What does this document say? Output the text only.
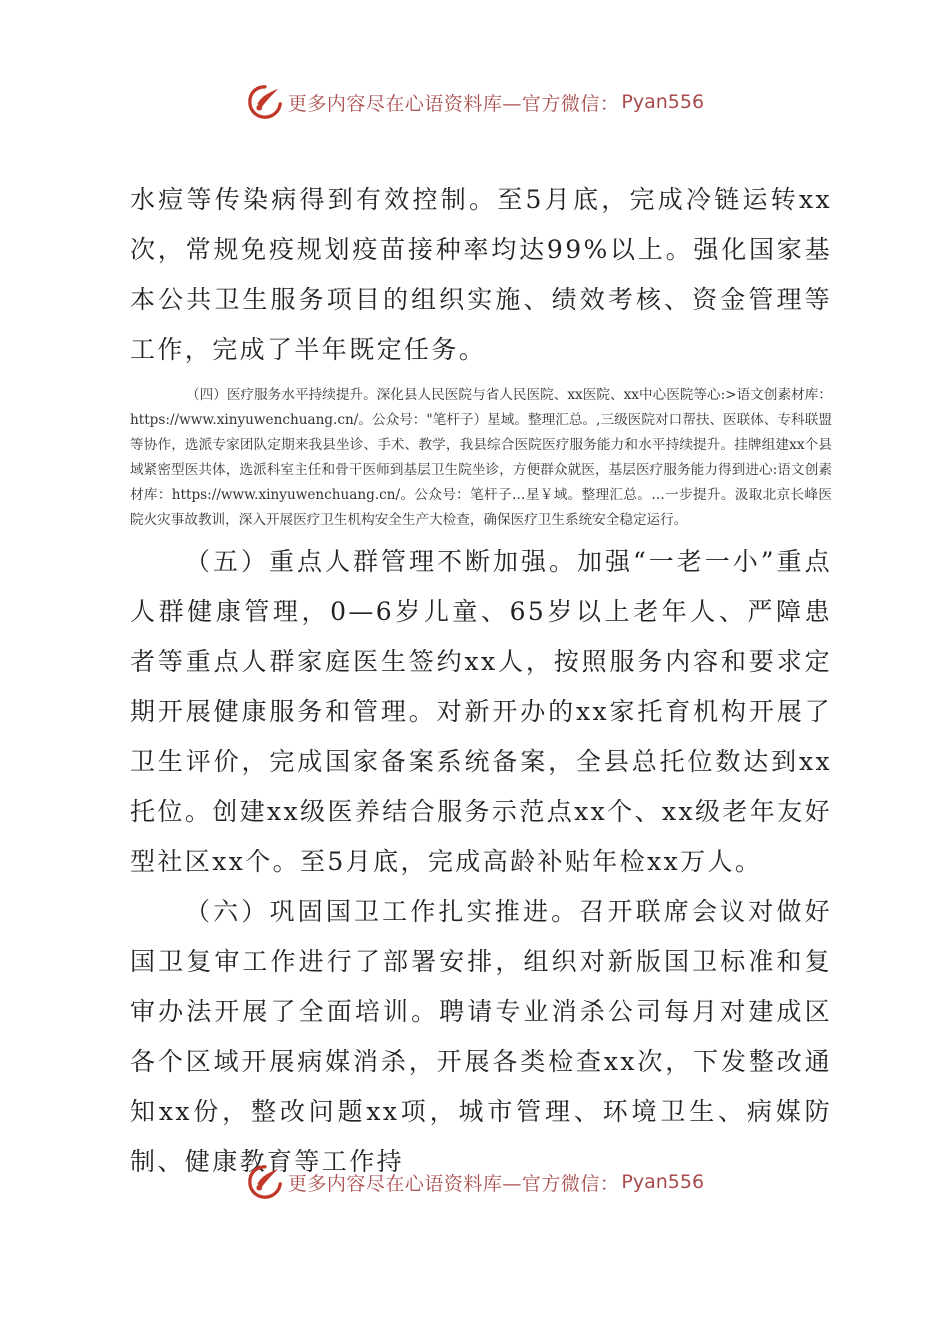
更多内容尽在心语资料库—官方微信： Pyan556

水痘等传染病得到有效控制。至5月底，完成冷链运转xx次，常规免疫规划疫苗接种率均达99%以上。强化国家基本公共卫生服务项目的组织实施、绩效考核、资金管理等工作，完成了半年既定任务。

（四）医疗服务水平持续提升。深化县人民医院与省人民医院、xx医院、xx中心医院等心:>语文创素材库：https://www.xinyuwenchuang.cn/。公众号："笔杆子）星域。整理汇总。,三级医院对口帮扶、医联体、专科联盟等协作，选派专家团队定期来我县坐诊、手术、教学，我县综合医院医疗服务能力和水平持续提升。挂牌组建xx个县域紧密型医共体，选派科室主任和骨干医师到基层卫生院坐诊，方便群众就医，基层医疗服务能力得到进心:语文创素材库：https://www.xinyuwenchuang.cn/。公众号：笔杆子…星￥域。整理汇总。…一步提升。汲取北京长峰医院火灾事故教训，深入开展医疗卫生机构安全生产大检查，确保医疗卫生系统安全稳定运行。

（五）重点人群管理不断加强。加强“一老一小”重点人群健康管理，0—6岁儿童、65岁以上老年人、严障患者等重点人群家庭医生签约xx人，按照服务内容和要求定期开展健康服务和管理。对新开办的xx家托育机构开展了卫生评价，完成国家备案系统备案，全县总托位数达到xx托位。创建xx级医养结合服务示范点xx个、xx级老年友好型社区xx个。至5月底，完成高龄补贴年检xx万人。

（六）巩固国卫工作扎实推进。召开联席会议对做好国卫复审工作进行了部署安排，组织对新版国卫标准和复审办法开展了全面培训。聘请专业消杀公司每月对建成区各个区域开展病媒消杀，开展各类检查xx次，下发整改通知xx份，整改问题xx项，城市管理、环境卫生、病媒防制、健康教育等工作持

更多内容尽在心语资料库—官方微信： Pyan556
